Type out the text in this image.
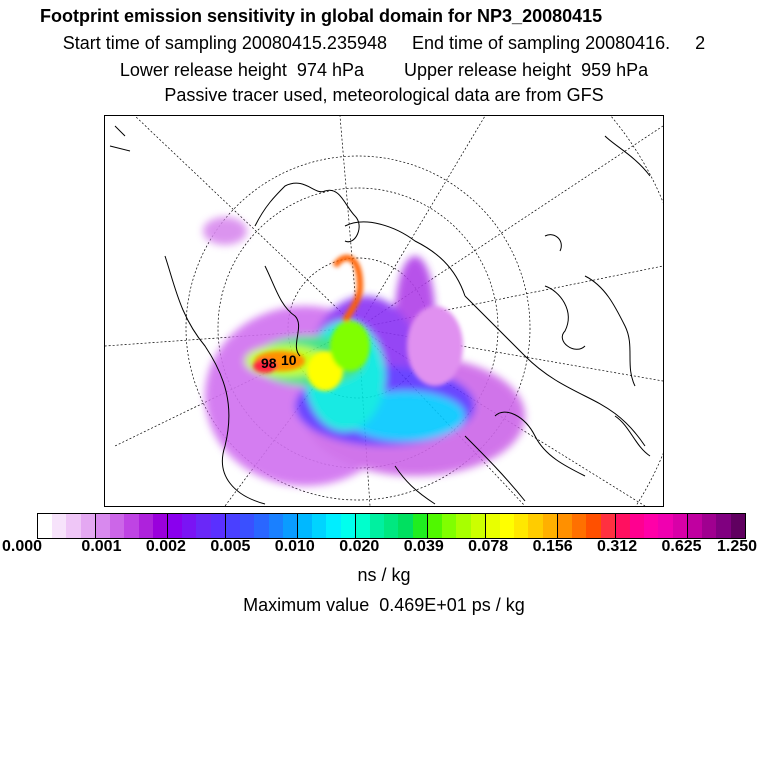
Footprint emission sensitivity in global domain for NP3_20080415
Start time of sampling 20080415.235948     End time of sampling 20080416.     2
Lower release height  974 hPa        Upper release height  959 hPa
Passive tracer used, meteorological data are from GFS
98 10
0.000 0.001 0.002 0.005 0.010 0.020 0.039 0.078 0.156 0.312 0.625 1.250
ns / kg
Maximum value  0.469E+01 ps / kg
